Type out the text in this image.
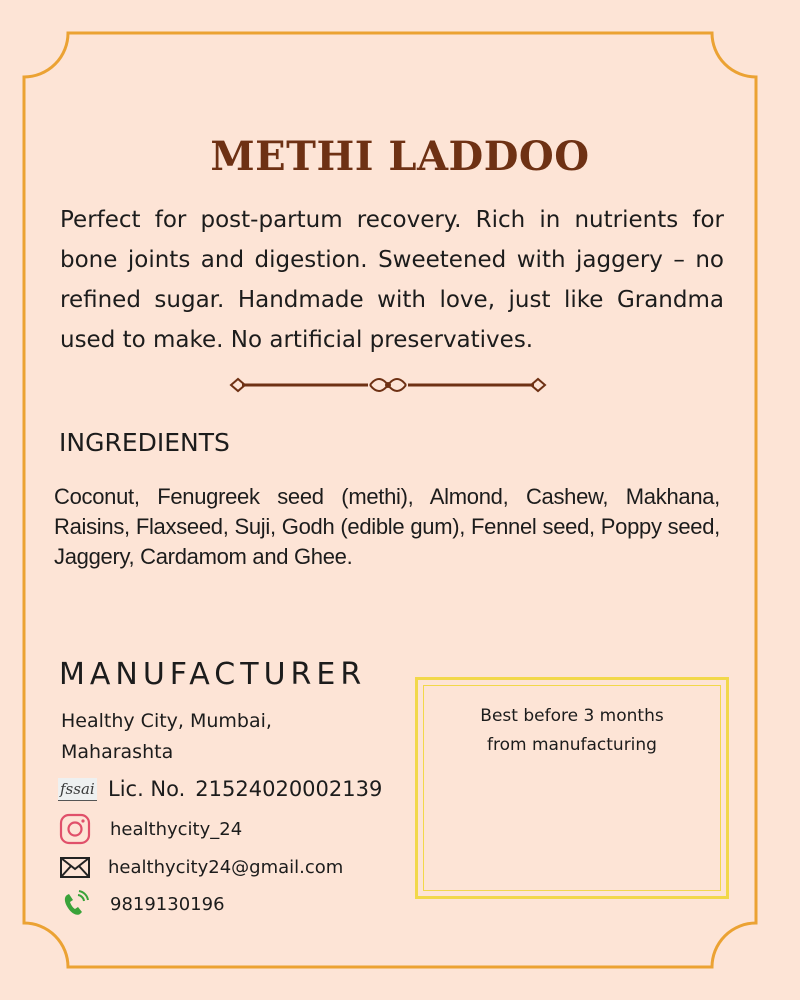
METHI LADDOO
Perfect for post-partum recovery. Rich in nutrients for bone joints and digestion. Sweetened with jaggery – no refined sugar. Handmade with love, just like Grandma used to make. No artificial preservatives.
INGREDIENTS
Coconut, Fenugreek seed (methi), Almond, Cashew, Makhana, Raisins, Flaxseed, Suji, Godh (edible gum), Fennel seed, Poppy seed, Jaggery, Cardamom and Ghee.
MANUFACTURER
Healthy City, Mumbai,
Maharashta
fssai Lic. No. 21524020002139
healthycity_24
healthycity24@gmail.com
9819130196
Best before 3 months
from manufacturing
